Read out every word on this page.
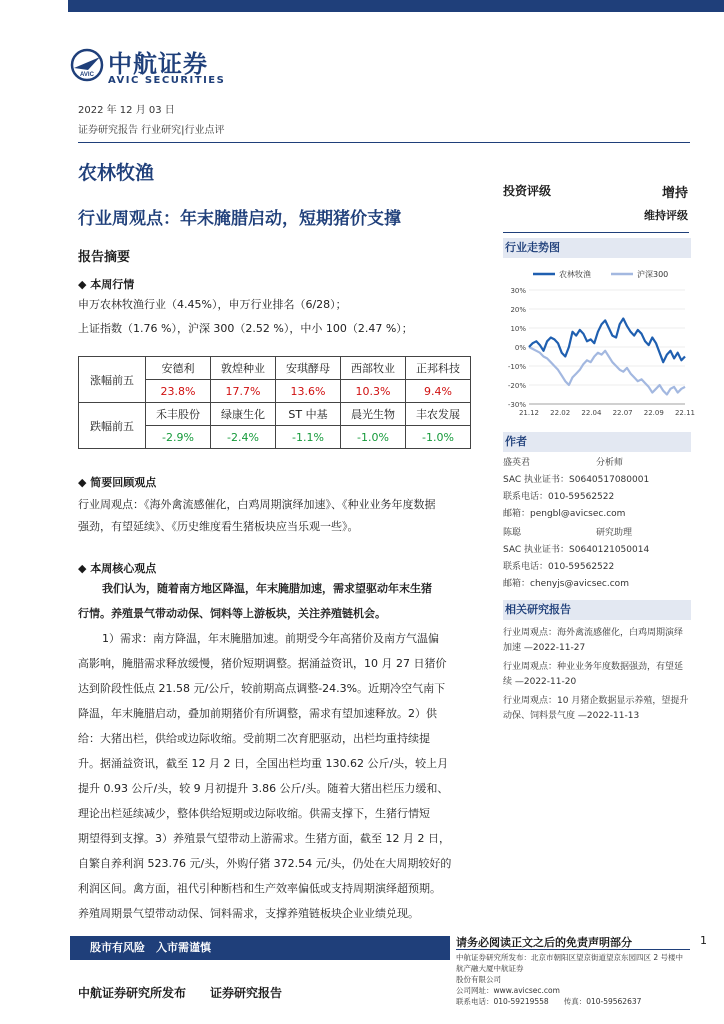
AVIC 中航证券
AVIC SECURITIES
2022 年 12 月 03 日
证券研究报告 行业研究|行业点评
农林牧渔
行业周观点：年末腌腊启动，短期猪价支撑
投资评级	增持
维持评级
报告摘要
◆ 本周行情
申万农林牧渔行业（4.45%），申万行业排名（6/28）；
上证指数（1.76 %），沪深 300（2.52 %），中小 100（2.47 %）；
涨幅前五	安德利	敦煌种业	安琪酵母	西部牧业	正邦科技
	23.8%	17.7%	13.6%	10.3%	9.4%
跌幅前五	禾丰股份	绿康生化	ST 中基	晨光生物	丰农发展
	-2.9%	-2.4%	-1.1%	-1.0%	-1.0%
◆ 简要回顾观点
行业周观点：《海外禽流感催化，白鸡周期演绎加速》、《种业业务年度数据
强劲，有望延续》、《历史维度看生猪板块应当乐观一些》。
◆ 本周核心观点
我们认为，随着南方地区降温，年末腌腊加速，需求望驱动年末生猪
行情。养殖景气带动动保、饲料等上游板块，关注养殖链机会。
1）需求：南方降温，年末腌腊加速。前期受今年高猪价及南方气温偏
高影响，腌腊需求释放缓慢，猪价短期调整。据涌益资讯，10 月 27 日猪价
达到阶段性低点 21.58 元/公斤，较前期高点调整-24.3%。近期冷空气南下
降温，年末腌腊启动，叠加前期猪价有所调整，需求有望加速释放。2）供
给：大猪出栏，供给或边际收缩。受前期二次育肥驱动，出栏均重持续提
升。据涌益资讯，截至 12 月 2 日，全国出栏均重 130.62 公斤/头，较上月
提升 0.93 公斤/头，较 9 月初提升 3.86 公斤/头。随着大猪出栏压力缓和、
理论出栏延续减少，整体供给短期或边际收缩。供需支撑下，生猪行情短
期望得到支撑。3）养殖景气望带动上游需求。生猪方面，截至 12 月 2 日，
自繁自养利润 523.76 元/头，外购仔猪 372.54 元/头，仍处在大周期较好的
利润区间。禽方面，祖代引种断档和生产效率偏低或支持周期演绎超预期。
养殖周期景气望带动动保、饲料需求，支撑养殖链板块企业业绩兑现。
行业走势图
农林牧渔	沪深300
30%
20%
10%
0%
-10%
-20%
-30%
21.12 22.02 22.04 22.07 22.09 22.11
作者
盛英君	分析师
SAC 执业证书：S0640517080001
联系电话：010-59562522
邮箱：pengbl@avicsec.com
陈聪	研究助理
SAC 执业证书：S0640121050014
联系电话：010-59562522
邮箱：chenyjs@avicsec.com
相关研究报告
行业周观点：海外禽流感催化，白鸡周期演绎
加速 —2022-11-27
行业周观点：种业业务年度数据强劲，有望延
续 —2022-11-20
行业周观点：10 月猪企数据显示养殖，望提升
动保、饲料景气度 —2022-11-13
股市有风险　入市需谨慎	请务必阅读正文之后的免责声明部分	1
中航证券研究所发布：北京市朝阳区望京街道望京东园四区 2 号楼中航产融大厦中航证券
股份有限公司
公司网址：www.avicsec.com
联系电话：010-59219558　　传真：010-59562637
中航证券研究所发布　　证券研究报告
